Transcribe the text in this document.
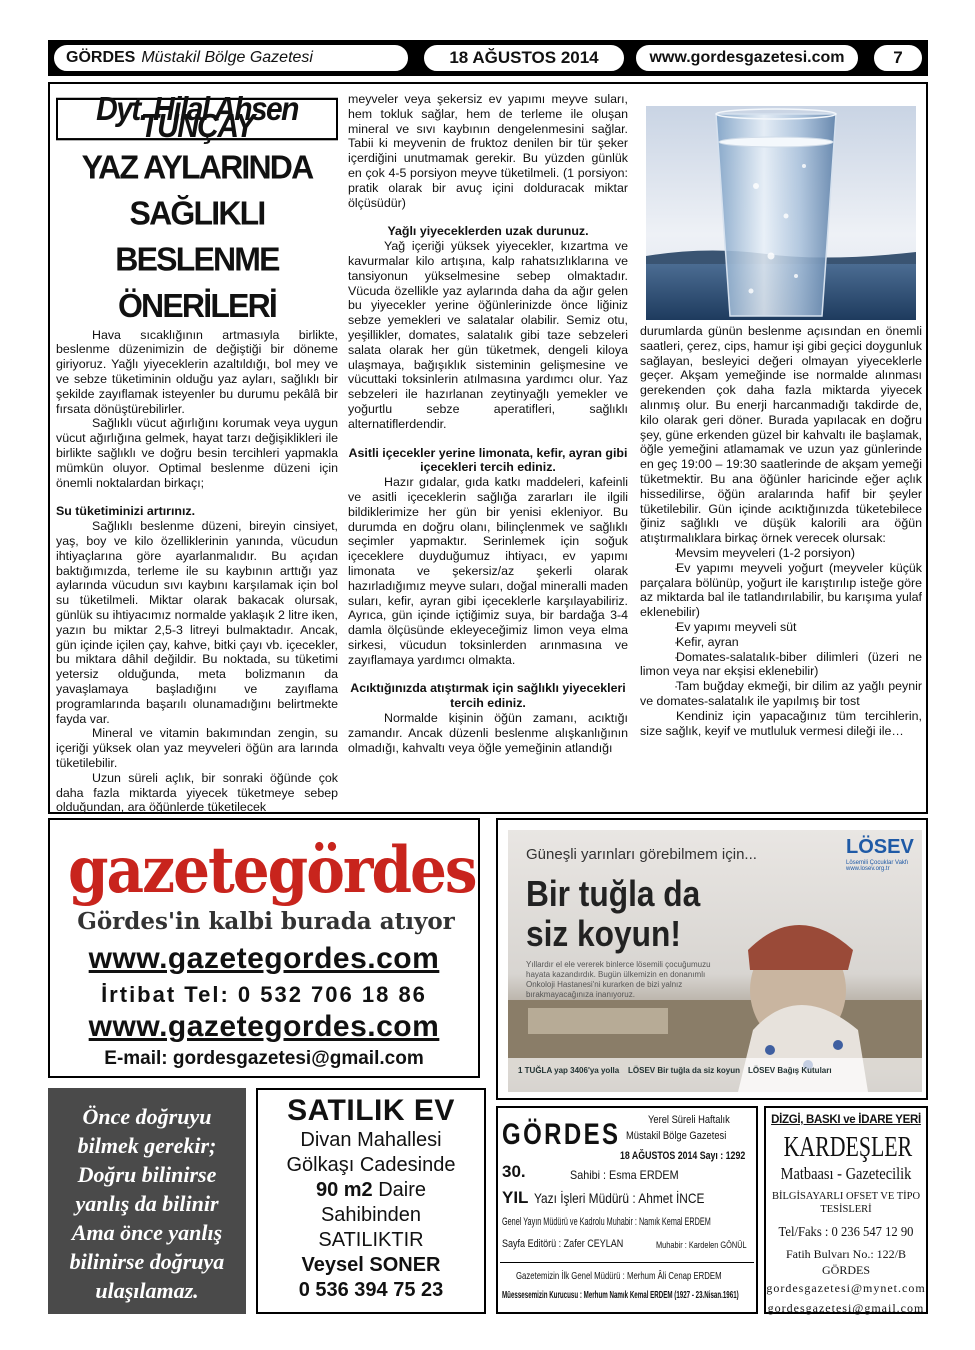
GÖRDES Müstakil Bölge Gazetesi	18 AĞUSTOS 2014	www.gordesgazetesi.com	7
Dyt. Hilal Ahsen TUNÇAY
YAZ AYLARINDA
SAĞLIKLI BESLENME
ÖNERİLERİ

Hava sıcaklığının artmasıyla birlikte, beslenme düzenimizin de değiştiği bir döneme giriyoruz. Yağlı yiyeceklerin azaltıldığı, bol mey ve ve sebze tüketiminin olduğu yaz ayları, sağlıklı bir şekilde zayıflamak isteyenler bu durumu pekâlâ bir fırsata dönüştürebilirler.

Sağlıklı vücut ağırlığını korumak veya uygun vücut ağırlığına gelmek, hayat tarzı değişiklikleri ile birlikte sağlıklı ve doğru besin tercihleri yapmakla mümkün oluyor. Optimal beslenme düzeni için önemli noktalardan birkaçı;

Su tüketiminizi artırınız.

Sağlıklı beslenme düzeni, bireyin cinsiyet, yaş, boy ve kilo özelliklerinin yanında, vücudun ihtiyaçlarına göre ayarlanmalıdır. Bu açıdan baktığımızda, terleme ile su kaybının arttığı yaz aylarında vücudun sıvı kaybını karşılamak için bol su tüketilmeli. Miktar olarak bakacak olursak, günlük su ihtiyacımız normalde yaklaşık 2 litre iken, yazın bu miktar 2,5-3 litreyi bulmaktadır. Ancak, gün içinde içilen çay, kahve, bitki çayı vb. içecekler, bu miktara dâhil değildir. Bu noktada, su tüketimi yetersiz olduğunda, meta bolizmanın da yavaşlamaya başladığını ve zayıflama programlarında başarılı olunamadığını belirtmekte fayda var.

Mineral ve vitamin bakımından zengin, su içeriği yüksek olan yaz meyveleri öğün ara larında tüketilebilir.

Uzun süreli açlık, bir sonraki öğünde çok daha fazla miktarda yiyecek tüketmeye sebep olduğundan, ara öğünlerde tüketilecek

meyveler veya şekersiz ev yapımı meyve suları, hem tokluk sağlar, hem de terleme ile oluşan mineral ve sıvı kaybının dengelenmesini sağlar. Tabii ki meyvenin de fruktoz denilen bir tür şeker içerdiğini unutmamak gerekir. Bu yüzden günlük en çok 4-5 porsiyon meyve tüketilmeli. (1 porsiyon: pratik olarak bir avuç içini dolduracak miktar ölçüsüdür)

Yağlı yiyeceklerden uzak durunuz.

Yağ içeriği yüksek yiyecekler, kızartma ve kavurmalar kilo artışına, kalp rahatsızlıklarına ve tansiyonun yükselmesine sebep olmaktadır. Vücuda özellikle yaz aylarında daha da ağır gelen bu yiyecekler yerine öğünlerinizde önce liğiniz sebze yemekleri ve salatalar olabilir. Semiz otu, yeşillikler, domates, salatalık gibi taze sebzeleri salata olarak her gün tüketmek, dengeli kiloya ulaşmaya, bağışıklık sisteminin gelişmesine ve vücuttaki toksinlerin atılmasına yardımcı olur. Yaz sebzeleri ile hazırlanan zeytinyağlı yemekler ve yoğurtlu sebze aperatifleri, sağlıklı alternatiflerdendir.

Asitli içecekler yerine limonata, kefir, ayran gibi içecekleri tercih ediniz.

Hazır gıdalar, gıda katkı maddeleri, kafeinli ve asitli içeceklerin sağlığa zararları ile ilgili bildiklerimize her gün bir yenisi ekleniyor. Bu durumda en doğru olanı, bilinçlenmek ve sağlıklı seçimler yapmaktır. Serinlemek için soğuk içeceklere duyduğumuz ihtiyacı, ev yapımı limonata ve şekersiz/az şekerli olarak hazırladığımız meyve suları, doğal mineralli maden suları, kefir, ayran gibi içeceklerle karşılayabiliriz. Ayrıca, gün içinde içtiğimiz suya, bir bardağa 3-4 damla ölçüsünde ekleyeceğimiz limon veya elma sirkesi, vücudun toksinlerden arınmasına ve zayıflamaya yardımcı olmakta.

Acıktığınızda atıştırmak için sağlıklı yiyecekleri tercih ediniz.

Normalde kişinin öğün zamanı, acıktığı zamandır. Ancak düzenli beslenme alışkanlığının olmadığı, kahvaltı veya öğle yemeğinin atlandığı

durumlarda günün beslenme açısından en önemli saatleri, çerez, cips, hamur işi gibi geçici doygunluk sağlayan, besleyici değeri olmayan yiyeceklerle geçer. Akşam yemeğinde ise normalde alınması gerekenden çok daha fazla miktarda yiyecek alınmış olur. Bu enerji harcanmadığı takdirde de, kilo olarak geri döner. Burada yapılacak en doğru şey, güne erkenden güzel bir kahvaltı ile başlamak, öğle yemeğini atlamamak ve uzun yaz günlerinde en geç 19:00 – 19:30 saatlerinde de akşam yemeği tüketmektir. Bu ana öğünler haricinde eğer açlık hissedilirse, öğün aralarında hafif bir şeyler tüketilebilir. Gün içinde acıktığınızda tüketebilece ğiniz sağlıklı ve düşük kalorili ara öğün atıştırmalıklara birkaç örnek verecek olursak:

· Mevsim meyveleri (1-2 porsiyon)

· Ev yapımı meyveli yoğurt (meyveler küçük parçalara bölünüp, yoğurt ile karıştırılıp isteğe göre az miktarda bal ile tatlandırılabilir, bu karışıma yulaf eklenebilir)

· Ev yapımı meyveli süt

· Kefir, ayran

· Domates-salatalık-biber dilimleri (üzeri ne limon veya nar ekşisi eklenebilir)

· Tam buğday ekmeği, bir dilim az yağlı peynir ve domates-salatalık ile yapılmış bir tost

Kendiniz için yapacağınız tüm tercihlerin, size sağlık, keyif ve mutluluk vermesi dileği ile…

gazetegördes
Gördes'in kalbi burada atıyor
www.gazetegordes.com
İrtibat Tel: 0 532 706 18 86
www.gazetegordes.com
E-mail: gordesgazetesi@gmail.com
Güneşli yarınları görebilmem için...
Bir tuğla da
siz koyun!
Yıllardır el ele vererek binlerce lösemili çocuğumuzu hayata kazandırdık. Bugün ülkemizin en donanımlı Onkoloji Hastanesi'ni kurarken de bizi yalnız bırakmayacağınıza inanıyoruz.
LÖSEV
Lösemili Çocuklar Vakfı www.losev.org.tr
1 TUĞLA yap 3406'ya yolla LÖSEV Bir tuğla da siz koyun LÖSEV Bağış Kutuları
Önce doğruyu
bilmek gerekir;
Doğru bilinirse
yanlış da bilinir
Ama önce yanlış
bilinirse doğruya
ulaşılamaz.
SATILIK EV
Divan Mahallesi
Gölkaşı Cadesinde
90 m2 Daire
Sahibinden
SATILIKTIR
Veysel SONER
0 536 394 75 23
GÖRDES	Yerel Süreli Haftalık
Müstakil Bölge Gazetesi
18 AĞUSTOS 2014 Sayı : 1292
30.
YIL
Sahibi : Esma ERDEM
Yazı İşleri Müdürü : Ahmet İNCE
Genel Yayın Müdürü ve Kadrolu Muhabir : Namık Kemal ERDEM
Sayfa Editörü : Zafer CEYLAN	Muhabir : Kardelen GÖNÜL
Gazetemizin İlk Genel Müdürü : Merhum Âli Cenap ERDEM
Müessesemizin Kurucusu : Merhum Namık Kemal ERDEM (1927 - 23.Nisan.1961)
DİZGİ, BASKI ve İDARE YERİ
KARDEŞLER
Matbaası - Gazetecilik
BİLGİSAYARLI OFSET VE TİPO TESİSLERİ
Tel/Faks : 0 236 547 12 90
Fatih Bulvarı No.: 122/B GÖRDES
gordesgazetesi@mynet.com
gordesgazetesi@gmail.com
